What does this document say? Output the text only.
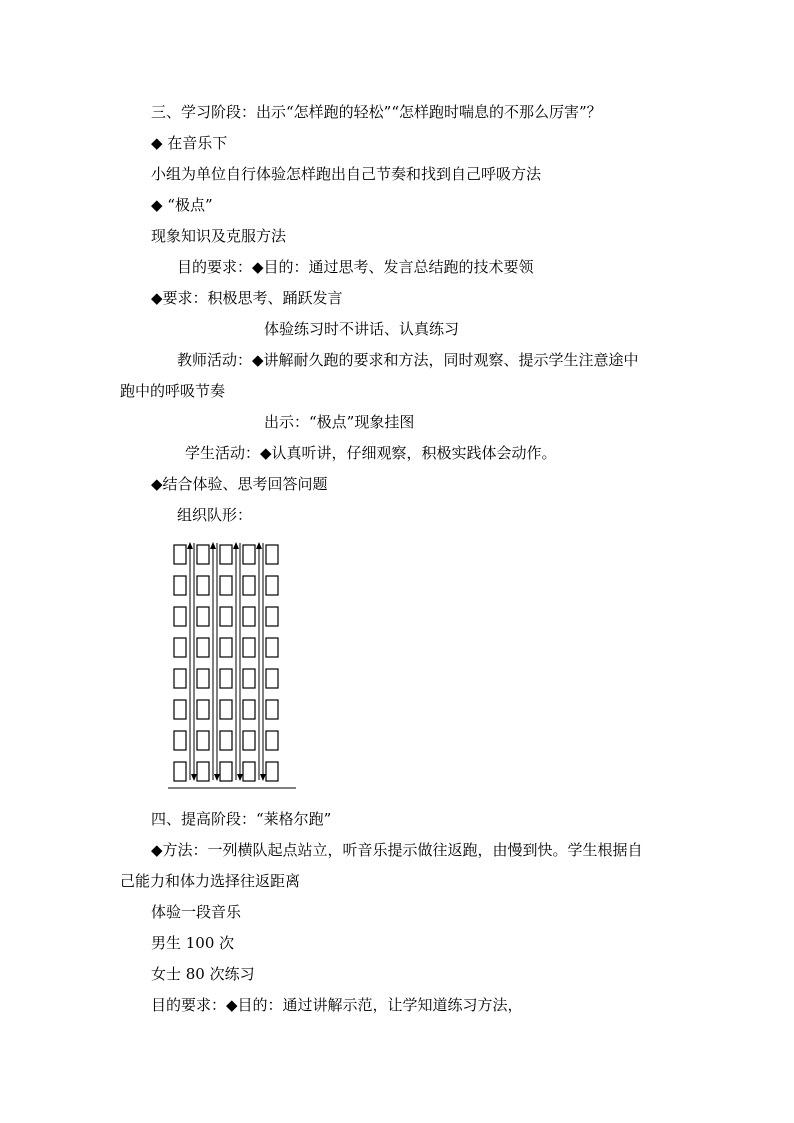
三、学习阶段：出示“怎样跑的轻松”“怎样跑时喘息的不那么厉害”？
◆ 在音乐下
小组为单位自行体验怎样跑出自己节奏和找到自己呼吸方法
◆ “极点”
现象知识及克服方法
目的要求：◆目的：通过思考、发言总结跑的技术要领
◆要求：积极思考、踊跃发言
体验练习时不讲话、认真练习
教师活动：◆讲解耐久跑的要求和方法，同时观察、提示学生注意途中
跑中的呼吸节奏
出示：“极点”现象挂图
学生活动：◆认真听讲，仔细观察，积极实践体会动作。
◆结合体验、思考回答问题
组织队形：
四、提高阶段：“莱格尔跑”
◆方法：一列横队起点站立，听音乐提示做往返跑，由慢到快。学生根据自
己能力和体力选择往返距离
体验一段音乐
男生 100 次
女士 80 次练习
目的要求：◆目的：通过讲解示范，让学知道练习方法，
